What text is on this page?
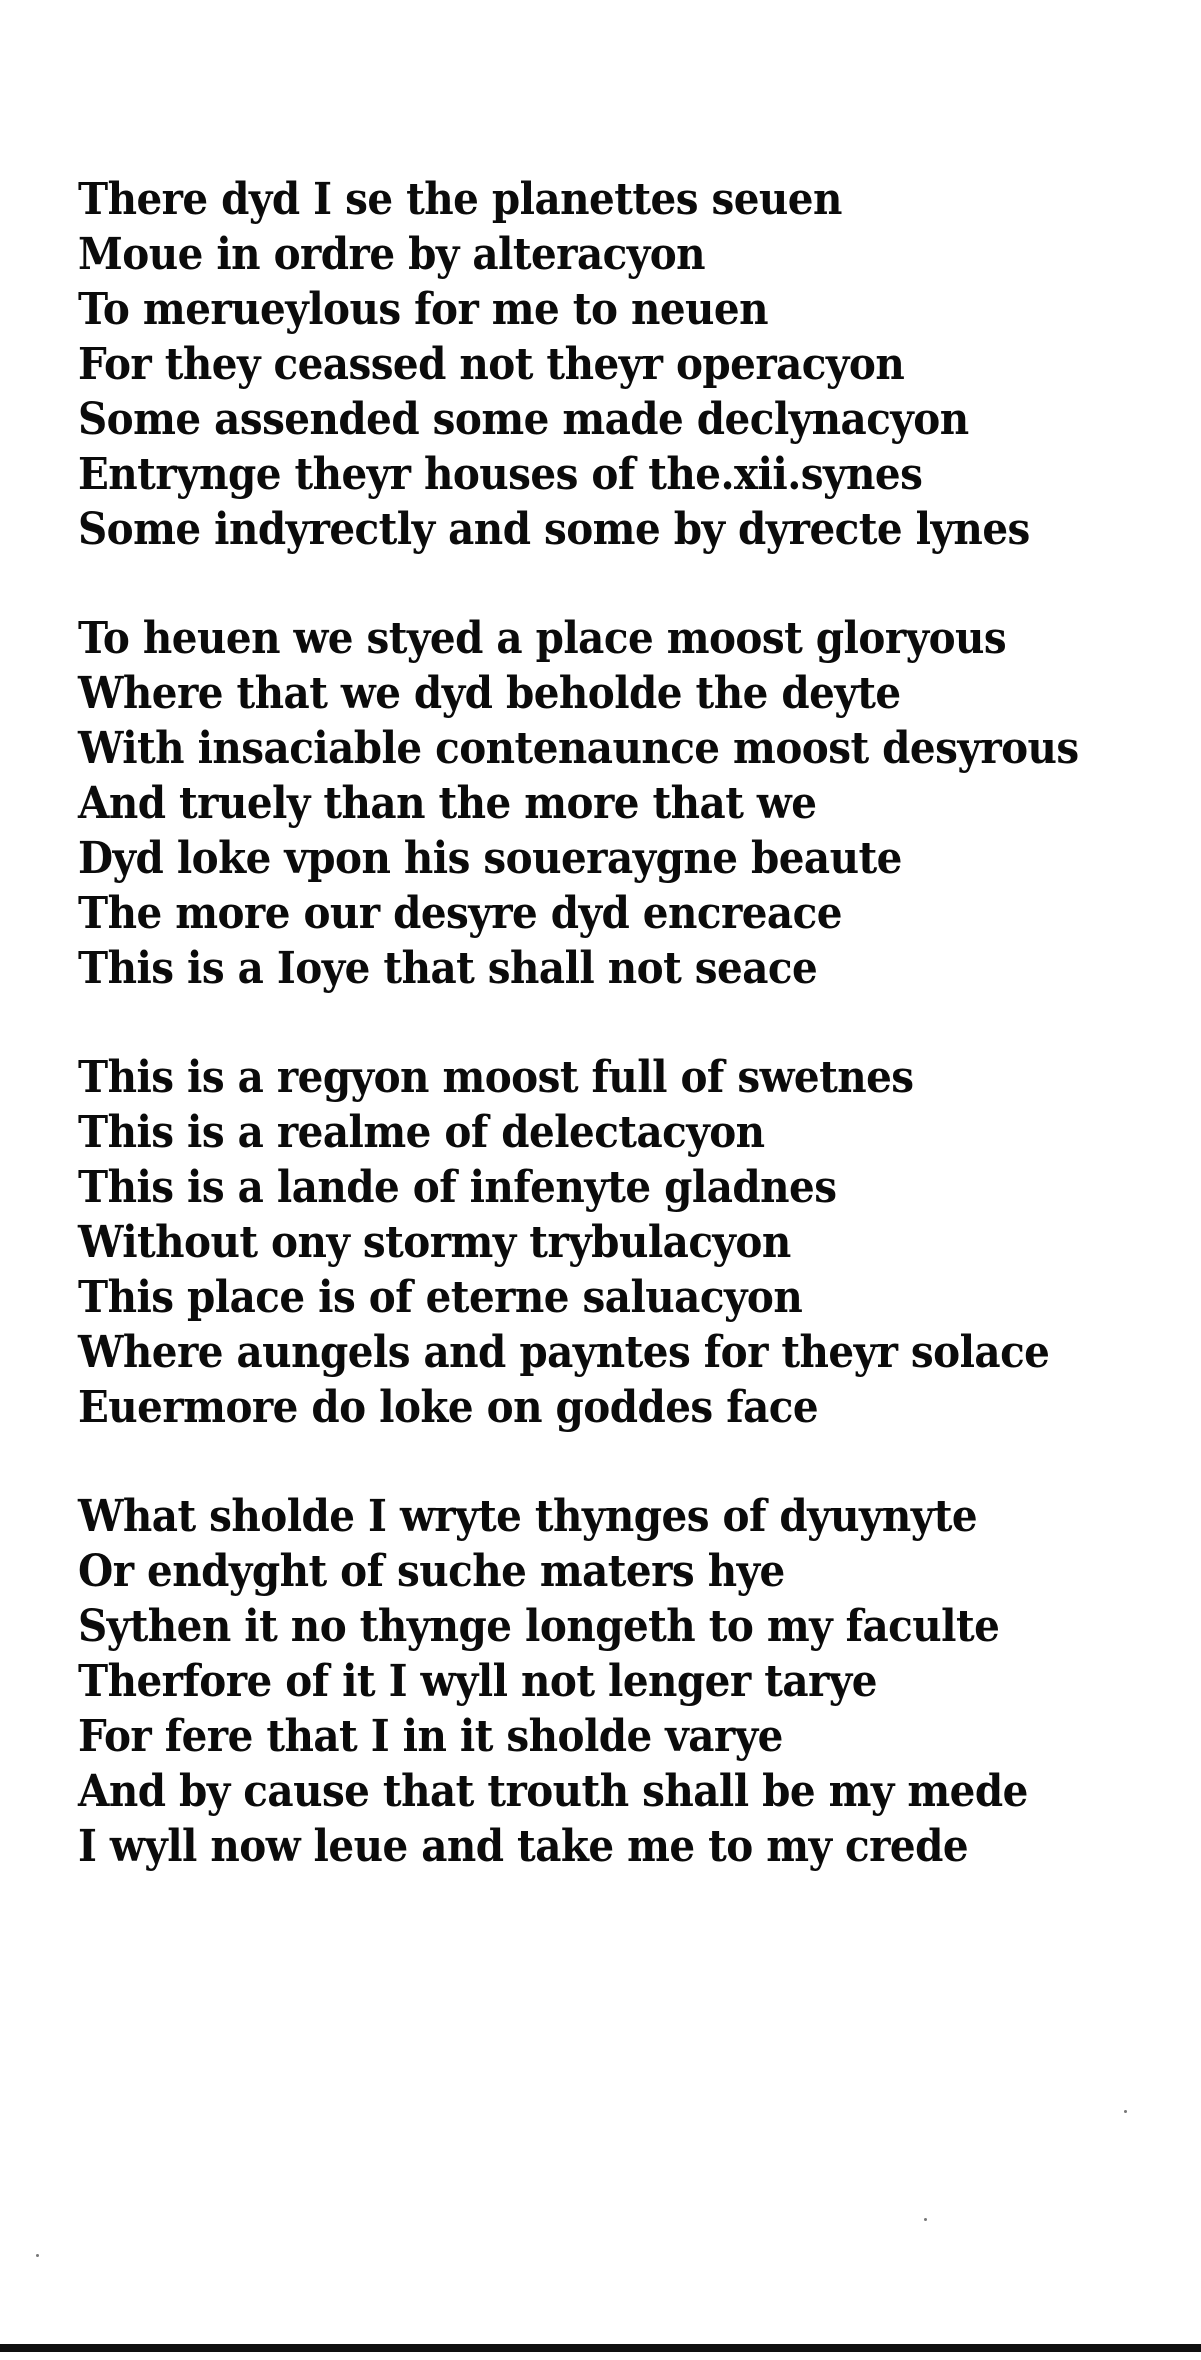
There dyd I se the planettes seuen
Moue in ordre by alteracyon
To merueylous for me to neuen
For they ceassed not theyr operacyon
Some assended some made declynacyon
Entrynge theyr houses of the.xii.synes
Some indyrectly and some by dyrecte lynes
To heuen we styed a place moost gloryous
Where that we dyd beholde the deyte
With insaciable contenaunce moost desyrous
And truely than the more that we
Dyd loke vpon his soueraygne beaute
The more our desyre dyd encreace
This is a Ioye that shall not seace
This is a regyon moost full of swetnes
This is a realme of delectacyon
This is a lande of infenyte gladnes
Without ony stormy trybulacyon
This place is of eterne saluacyon
Where aungels and payntes for theyr solace
Euermore do loke on goddes face
What sholde I wryte thynges of dyuynyte
Or endyght of suche maters hye
Sythen it no thynge longeth to my faculte
Therfore of it I wyll not lenger tarye
For fere that I in it sholde varye
And by cause that trouth shall be my mede
I wyll now leue and take me to my crede
